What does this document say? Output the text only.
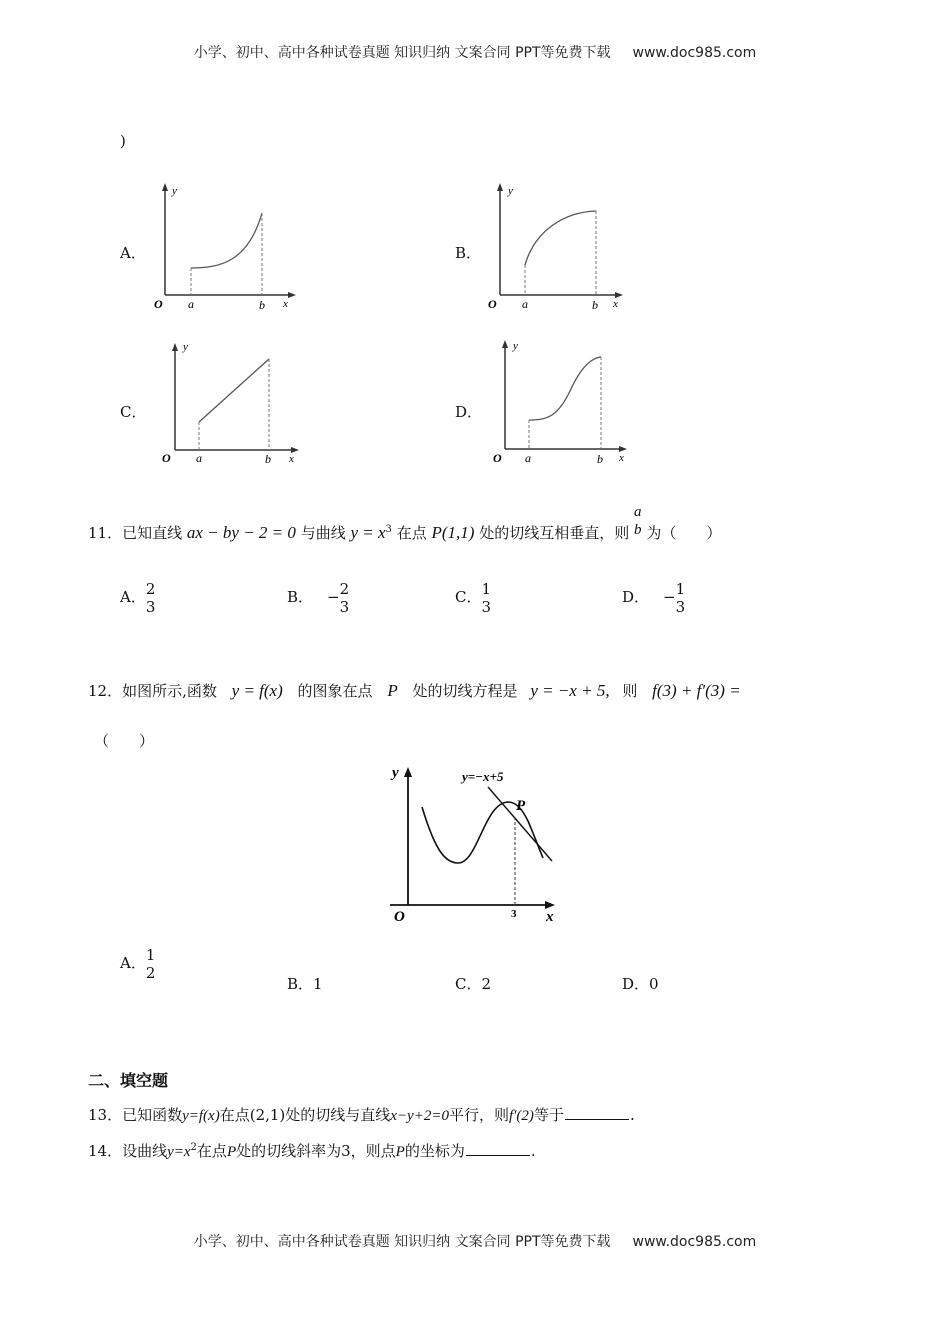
小学、初中、高中各种试卷真题 知识归纳 文案合同 PPT等免费下载 www.doc985.com
)
A．
O a	b x
y
B．
O a	b x
y
C．
O a	b x
y
D．
O a	b x
y
11．已知直线 ax − by − 2 = 0 与曲线 $y = x^3$ 在点 P(1,1) 处的切线互相垂直，则
a
b 为（　　）
A． 2
3
B． − 2
3
C． 1
3
D． − 1
3
12．如图所示,函数 y = f(x) 的图象在点 P 处的切线方程是 y = −x + 5, 则 f(3) + f′(3) =
（　　）
y=−x+5
P
O	x
y
3
A． 1
2
B．1	C．2	D．0
二、填空题
13．已知函数y=f(x)在点(2,1)处的切线与直线x−y+2=0平行，则f′(2)等于	.
14．设曲线$y=x^2$在点P处的切线斜率为3，则点P的坐标为	.
小学、初中、高中各种试卷真题 知识归纳 文案合同 PPT等免费下载 www.doc985.com
